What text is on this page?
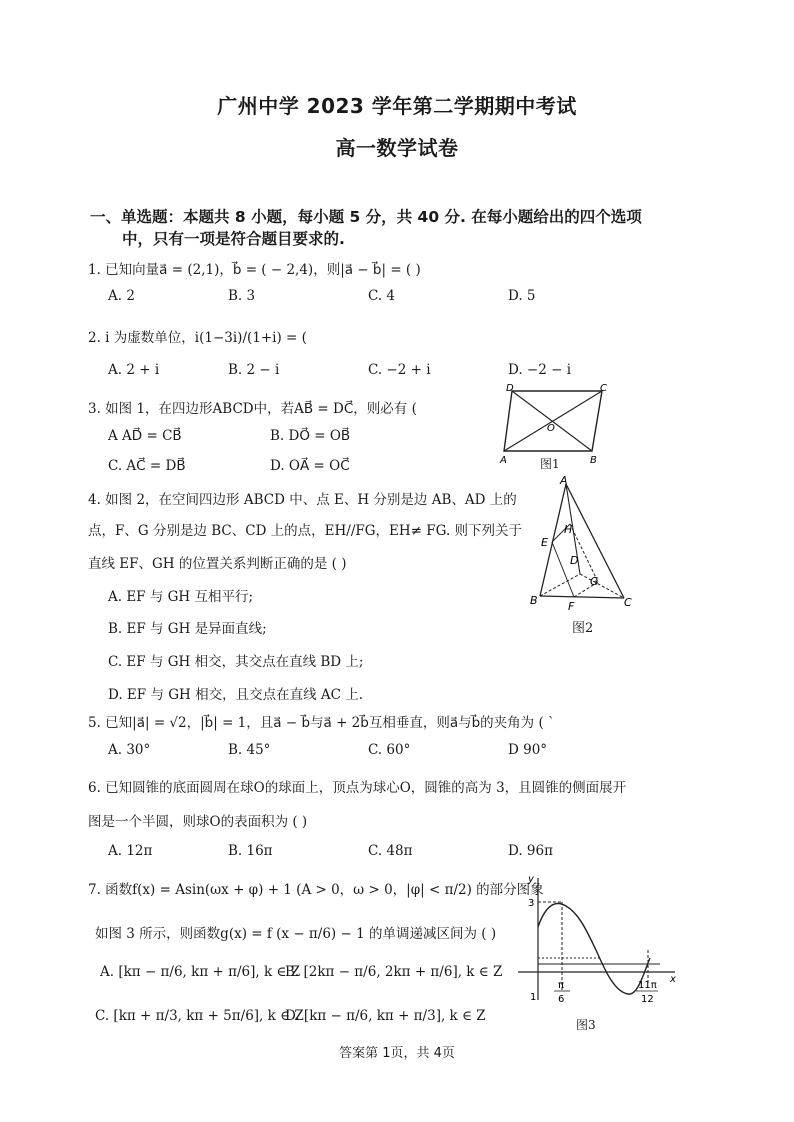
广州中学 2023 学年第二学期期中考试
高一数学试卷
一、单选题：本题共 8 小题，每小题 5 分，共 40 分. 在每小题给出的四个选项
中，只有一项是符合题目要求的.
1. 已知向量a⃗ = (2,1)，b⃗ = ( − 2,4)，则|a⃗ − b⃗| = ( )
A. 2	B. 3	C. 4	D. 5
2. i 为虚数单位，i(1−3i)/(1+i) = (
A. 2 + i	B. 2 − i	C. −2 + i	D. −2 − i
3. 如图 1，在四边形ABCD中，若AB⃗ = DC⃗，则必有 (
A AD⃗ = CB⃗	B. DO⃗ = OB⃗
C. AC⃗ = DB⃗	D. OA⃗ = OC⃗
D	C
O
A	B
图1
4. 如图 2，在空间四边形 ABCD 中、点 E、H 分别是边 AB、AD 上的
点，F、G 分别是边 BC、CD 上的点，EH//FG，EH≠ FG. 则下列关于
直线 EF、GH 的位置关系判断正确的是 ( )
A. EF 与 GH 互相平行;
B. EF 与 GH 是异面直线;
C. EF 与 GH 相交，其交点在直线 BD 上;
D. EF 与 GH 相交，且交点在直线 AC 上.
A
H
E
D
G
B	F	C
图2
5. 已知|a⃗| = √2，|b⃗| = 1，且a⃗ − b⃗与a⃗ + 2b⃗互相垂直，则a⃗与b⃗的夹角为 ( `
A. 30°	B. 45°	C. 60°	D 90°
6. 已知圆锥的底面圆周在球O的球面上，顶点为球心O，圆锥的高为 3，且圆锥的侧面展开
图是一个半圆，则球O的表面积为 ( )
A. 12π	B. 16π	C. 48π	D. 96π
7. 函数f(x) = Asin(ωx + φ) + 1 (A > 0，ω > 0，|φ| < π/2) 的部分图象
如图 3 所示，则函数g(x) = f (x − π/6) − 1 的单调递减区间为 ( )
A. [kπ − π/6, kπ + π/6], k ∈ Z
B. [2kπ − π/6, 2kπ + π/6], k ∈ Z
C. [kπ + π/3, kπ + 5π/6], k ∈ Z
D. [kπ − π/6, kπ + π/3], k ∈ Z
y
3
1
x
π
6
11π
12
图3
答案第 1页，共 4页
